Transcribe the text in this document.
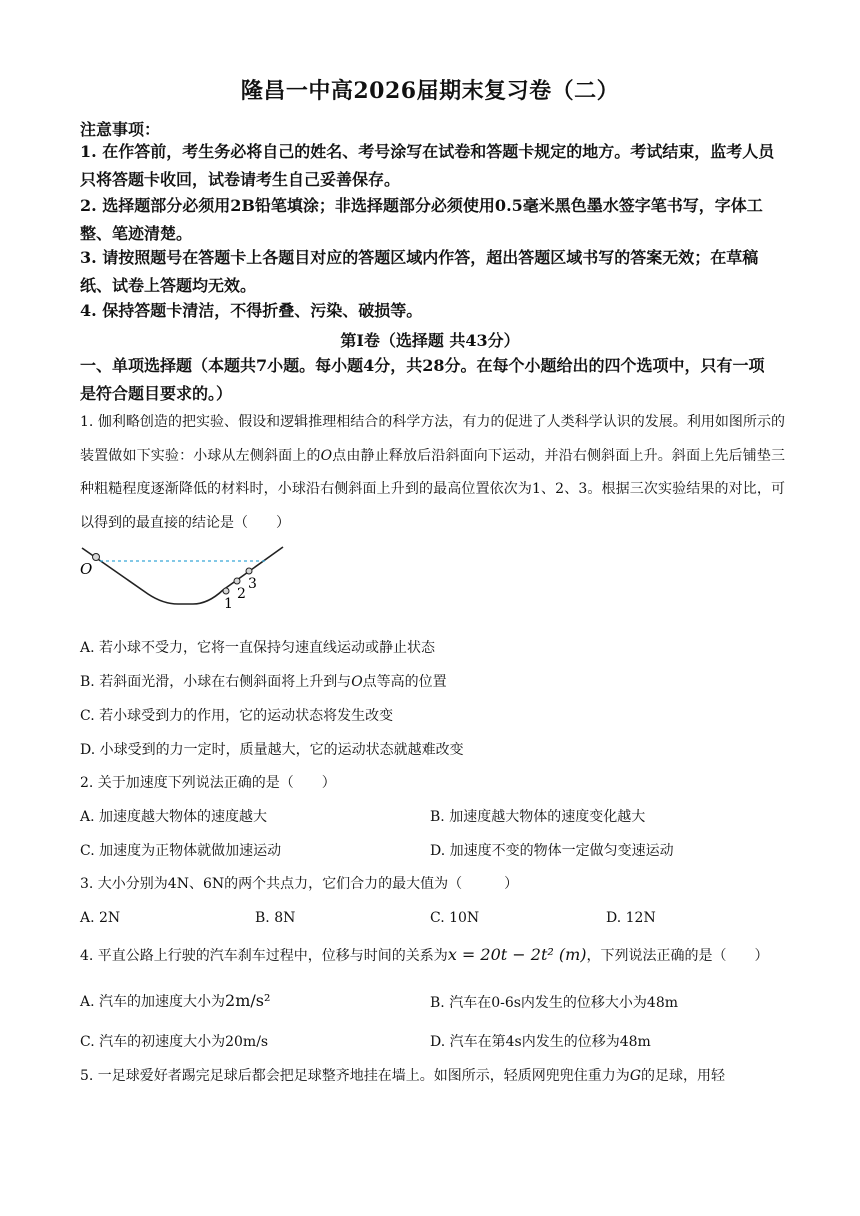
隆昌一中高2026届期末复习卷（二）
注意事项：
1. 在作答前，考生务必将自己的姓名、考号涂写在试卷和答题卡规定的地方。考试结束，监考人员只将答题卡收回，试卷请考生自己妥善保存。
2. 选择题部分必须用2B铅笔填涂；非选择题部分必须使用0.5毫米黑色墨水签字笔书写，字体工整、笔迹清楚。
3. 请按照题号在答题卡上各题目对应的答题区域内作答，超出答题区域书写的答案无效；在草稿纸、试卷上答题均无效。
4. 保持答题卡清洁，不得折叠、污染、破损等。
第Ⅰ卷（选择题 共43分）
一、单项选择题（本题共7小题。每小题4分，共28分。在每个小题给出的四个选项中，只有一项是符合题目要求的。）
1. 伽利略创造的把实验、假设和逻辑推理相结合的科学方法，有力的促进了人类科学认识的发展。利用如图所示的装置做如下实验：小球从左侧斜面上的O点由静止释放后沿斜面向下运动，并沿右侧斜面上升。斜面上先后铺垫三种粗糙程度逐渐降低的材料时，小球沿右侧斜面上升到的最高位置依次为1、2、3。根据三次实验结果的对比，可以得到的最直接的结论是（　　）
O
1
2
3
A. 若小球不受力，它将一直保持匀速直线运动或静止状态
B. 若斜面光滑，小球在右侧斜面将上升到与O点等高的位置
C. 若小球受到力的作用，它的运动状态将发生改变
D. 小球受到的力一定时，质量越大，它的运动状态就越难改变
2. 关于加速度下列说法正确的是（　　）
A. 加速度越大物体的速度越大	B. 加速度越大物体的速度变化越大
C. 加速度为正物体就做加速运动	D. 加速度不变的物体一定做匀变速运动
3. 大小分别为4N、6N的两个共点力，它们合力的最大值为（　　　）
A. 2N	B. 8N	C. 10N	D. 12N
4. 平直公路上行驶的汽车刹车过程中，位移与时间的关系为x = 20t − 2t² (m)，下列说法正确的是（　　）
A. 汽车的加速度大小为2m/s²	B. 汽车在0-6s内发生的位移大小为48m
C. 汽车的初速度大小为20m/s	D. 汽车在第4s内发生的位移为48m
5. 一足球爱好者踢完足球后都会把足球整齐地挂在墙上。如图所示，轻质网兜兜住重力为G的足球，用轻
